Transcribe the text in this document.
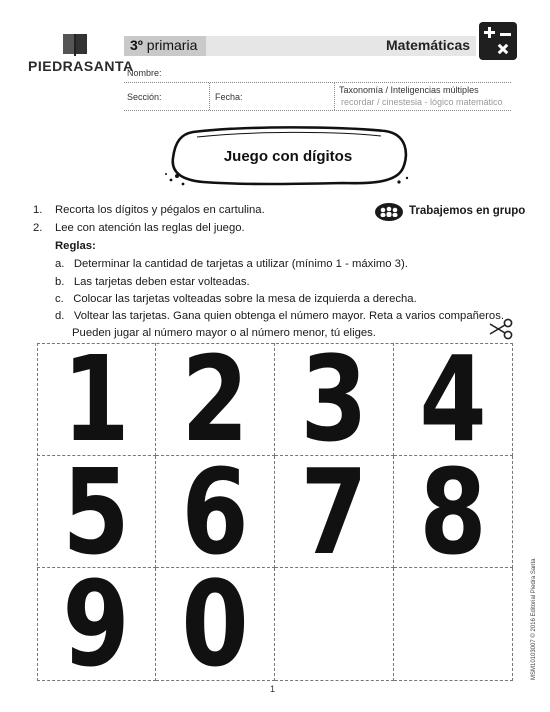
PIEDRASANTA
3º primaria	Matemáticas
Nombre:
Sección:	Fecha:
Taxonomía / Inteligencias múltiples
recordar / cinestesia - lógico matemático
Juego con dígitos
1. Recorta los dígitos y pégalos en cartulina.
2. Lee con atención las reglas del juego.
Trabajemos en grupo
Reglas:
a. Determinar la cantidad de tarjetas a utilizar (mínimo 1 - máximo 3).
b. Las tarjetas deben estar volteadas.
c. Colocar las tarjetas volteadas sobre la mesa de izquierda a derecha.
d. Voltear las tarjetas. Gana quien obtenga el número mayor. Reta a varios compañeros.
Pueden jugar al número mayor o al número menor, tú eliges.
1 2 3 4
5 6 7 8
9 0	MSM10103007 © 2016 Editorial Piedra Santa
1
